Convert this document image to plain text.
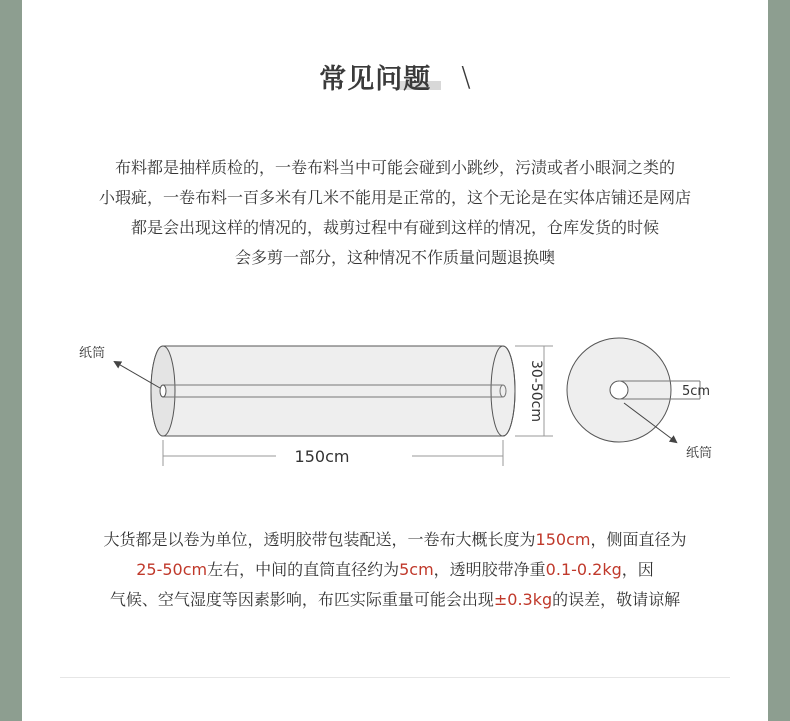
常见问题 \
布料都是抽样质检的，一卷布料当中可能会碰到小跳纱，污渍或者小眼洞之类的
小瑕疵，一卷布料一百多米有几米不能用是正常的，这个无论是在实体店铺还是网店
都是会出现这样的情况的，裁剪过程中有碰到这样的情况，仓库发货的时候
会多剪一部分，这种情况不作质量问题退换噢
纸筒
150cm
30-50cm	5cm
纸筒
大货都是以卷为单位，透明胶带包装配送，一卷布大概长度为150cm，侧面直径为
25-50cm左右，中间的直筒直径约为5cm，透明胶带净重0.1-0.2kg，因
气候、空气湿度等因素影响，布匹实际重量可能会出现±0.3kg的误差，敬请谅解
